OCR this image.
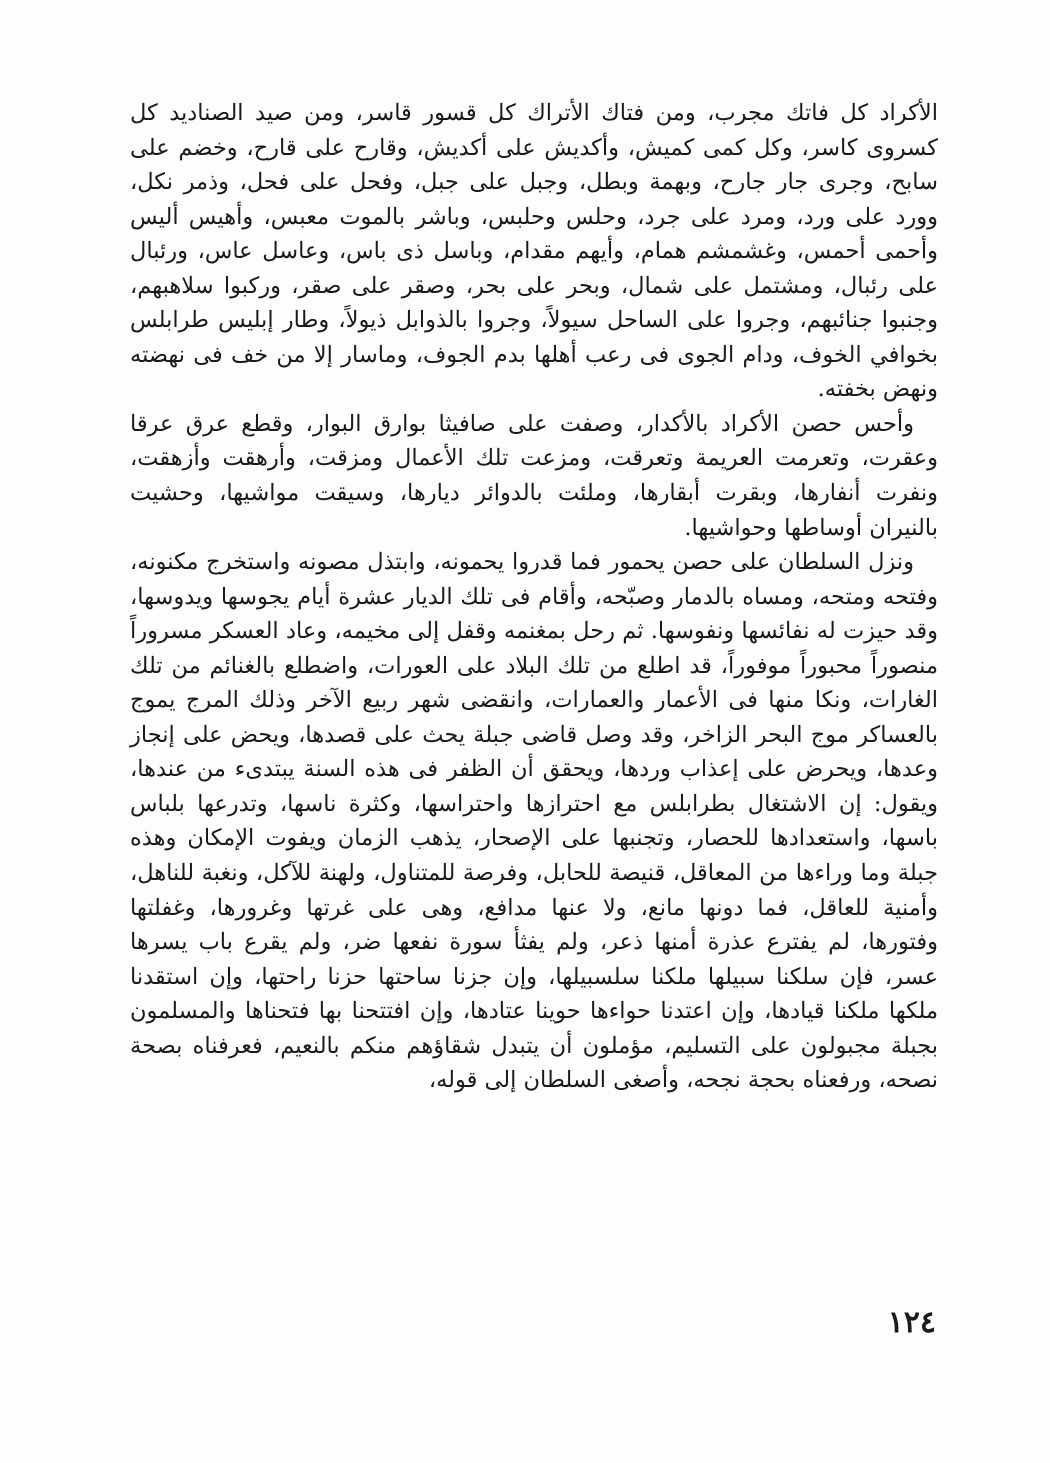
الأكراد كل فاتك مجرب، ومن فتاك الأتراك كل قسور قاسر، ومن صيد الصناديد كل كسروى كاسر، وكل كمى كميش، وأكديش على أكديش، وقارح على قارح، وخضم على سابح، وجرى جار جارح، وبهمة وبطل، وجبل على جبل، وفحل على فحل، وذمر نكل، وورد على ورد، ومرد على جرد، وحلس وحلبس، وباشر بالموت معبس، وأهيس أليس وأحمى أحمس، وغشمشم همام، وأيهم مقدام، وباسل ذى باس، وعاسل عاس، ورئبال على رئبال، ومشتمل على شمال، وبحر على بحر، وصقر على صقر، وركبوا سلاهبهم، وجنبوا جنائبهم، وجروا على الساحل سيولاً، وجروا بالذوابل ذيولاً، وطار إبليس طرابلس بخوافي الخوف، ودام الجوى فى رعب أهلها بدم الجوف، وماسار إلا من خف فى نهضته ونهض بخفته.

وأحس حصن الأكراد بالأكدار، وصفت على صافيثا بوارق البوار، وقطع عرق عرقا وعقرت، وتعرمت العريمة وتعرقت، ومزعت تلك الأعمال ومزقت، وأرهقت وأزهقت، ونفرت أنفارها، وبقرت أبقارها، وملئت بالدوائر ديارها، وسيقت مواشيها، وحشيت بالنيران أوساطها وحواشيها.

ونزل السلطان على حصن يحمور فما قدروا يحمونه، وابتذل مصونه واستخرج مكنونه، وفتحه ومتحه، ومساه بالدمار وصبّحه، وأقام فى تلك الديار عشرة أيام يجوسها ويدوسها، وقد حيزت له نفائسها ونفوسها. ثم رحل بمغنمه وقفل إلى مخيمه، وعاد العسكر مسروراً منصوراً محبوراً موفوراً، قد اطلع من تلك البلاد على العورات، واضطلع بالغنائم من تلك الغارات، ونكا منها فى الأعمار والعمارات، وانقضى شهر ربيع الآخر وذلك المرج يموج بالعساكر موج البحر الزاخر، وقد وصل قاضى جبلة يحث على قصدها، ويحض على إنجاز وعدها، ويحرض على إعذاب وردها، ويحقق أن الظفر فى هذه السنة يبتدىء من عندها، ويقول: إن الاشتغال بطرابلس مع احترازها واحتراسها، وكثرة ناسها، وتدرعها بلباس باسها، واستعدادها للحصار، وتجنبها على الإصحار، يذهب الزمان ويفوت الإمكان وهذه جبلة وما وراءها من المعاقل، قنيصة للحابل، وفرصة للمتناول، ولهنة للآكل، ونغبة للناهل، وأمنية للعاقل، فما دونها مانع، ولا عنها مدافع، وهى على غرتها وغرورها، وغفلتها وفتورها، لم يفترع عذرة أمنها ذعر، ولم يفثأ سورة نفعها ضر، ولم يقرع باب يسرها عسر، فإن سلكنا سبيلها ملكنا سلسبيلها، وإن جزنا ساحتها حزنا راحتها، وإن استقدنا ملكها ملكنا قيادها، وإن اعتدنا حواءها حوينا عتادها، وإن افتتحنا بها فتحناها والمسلمون بجبلة مجبولون على التسليم، مؤملون أن يتبدل شقاؤهم منكم بالنعيم، فعرفناه بصحة نصحه، ورفعناه بحجة نجحه، وأصغى السلطان إلى قوله،

١٢٤
